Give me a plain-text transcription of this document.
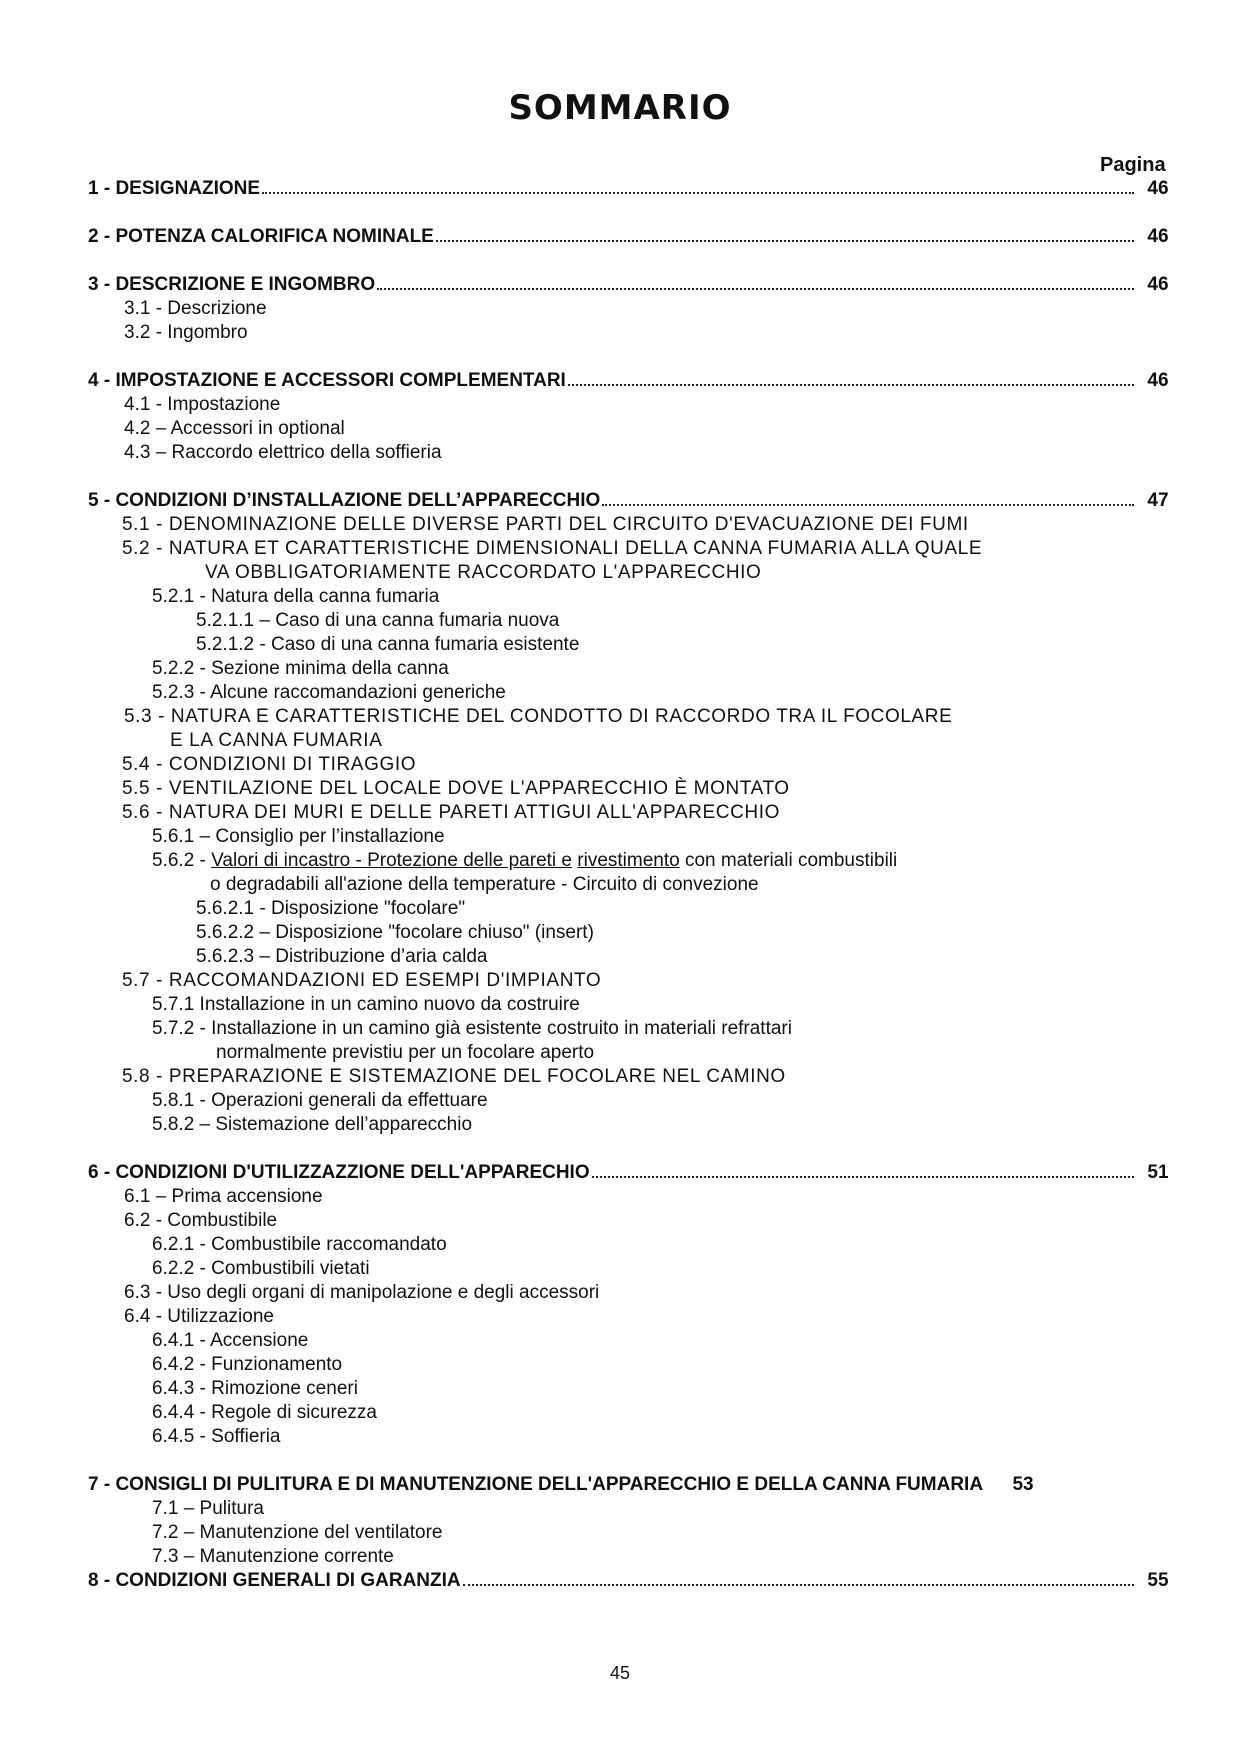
SOMMARIO
Pagina
1 - DESIGNAZIONE	46
2 - POTENZA CALORIFICA NOMINALE	46
3 - DESCRIZIONE E INGOMBRO	46
3.1 - Descrizione
3.2 - Ingombro
4 - IMPOSTAZIONE E ACCESSORI COMPLEMENTARI	46
4.1 - Impostazione
4.2 – Accessori in optional
4.3 – Raccordo elettrico della soffieria
5 - CONDIZIONI D’INSTALLAZIONE DELL’APPARECCHIO	47
5.1 - DENOMINAZIONE DELLE DIVERSE PARTI DEL CIRCUITO D'EVACUAZIONE DEI FUMI
5.2 - NATURA ET CARATTERISTICHE DIMENSIONALI DELLA CANNA FUMARIA ALLA QUALE
VA OBBLIGATORIAMENTE RACCORDATO L'APPARECCHIO
5.2.1 - Natura della canna fumaria
5.2.1.1 – Caso di una canna fumaria nuova
5.2.1.2 - Caso di una canna fumaria esistente
5.2.2 - Sezione minima della canna
5.2.3 - Alcune raccomandazioni generiche
5.3 - NATURA E CARATTERISTICHE DEL CONDOTTO DI RACCORDO TRA IL FOCOLARE
E LA CANNA FUMARIA
5.4 - CONDIZIONI DI TIRAGGIO
5.5 - VENTILAZIONE DEL LOCALE DOVE L'APPARECCHIO È MONTATO
5.6 - NATURA DEI MURI E DELLE PARETI ATTIGUI ALL'APPARECCHIO
5.6.1 – Consiglio per l’installazione
5.6.2 - Valori di incastro - Protezione delle pareti e rivestimento con materiali combustibili
o degradabili all'azione della temperature - Circuito di convezione
5.6.2.1 - Disposizione "focolare"
5.6.2.2 – Disposizione "focolare chiuso" (insert)
5.6.2.3 – Distribuzione d’aria calda
5.7 - RACCOMANDAZIONI ED ESEMPI D'IMPIANTO
5.7.1 Installazione in un camino nuovo da costruire
5.7.2 - Installazione in un camino già esistente costruito in materiali refrattari
normalmente previstiu per un focolare aperto
5.8 - PREPARAZIONE E SISTEMAZIONE DEL FOCOLARE NEL CAMINO
5.8.1 - Operazioni generali da effettuare
5.8.2 – Sistemazione dell’apparecchio
6 - CONDIZIONI D'UTILIZZAZZIONE DELL'APPARECHIO	51
6.1 – Prima accensione
6.2 - Combustibile
6.2.1 - Combustibile raccomandato
6.2.2 - Combustibili vietati
6.3 - Uso degli organi di manipolazione e degli accessori
6.4 - Utilizzazione
6.4.1 - Accensione
6.4.2 - Funzionamento
6.4.3 - Rimozione ceneri
6.4.4 - Regole di sicurezza
6.4.5 - Soffieria
7 - CONSIGLI DI PULITURA E DI MANUTENZIONE DELL'APPARECCHIO E DELLA CANNA FUMARIA	53
7.1 – Pulitura
7.2 – Manutenzione del ventilatore
7.3 – Manutenzione corrente
8 - CONDIZIONI GENERALI DI GARANZIA	55
45
